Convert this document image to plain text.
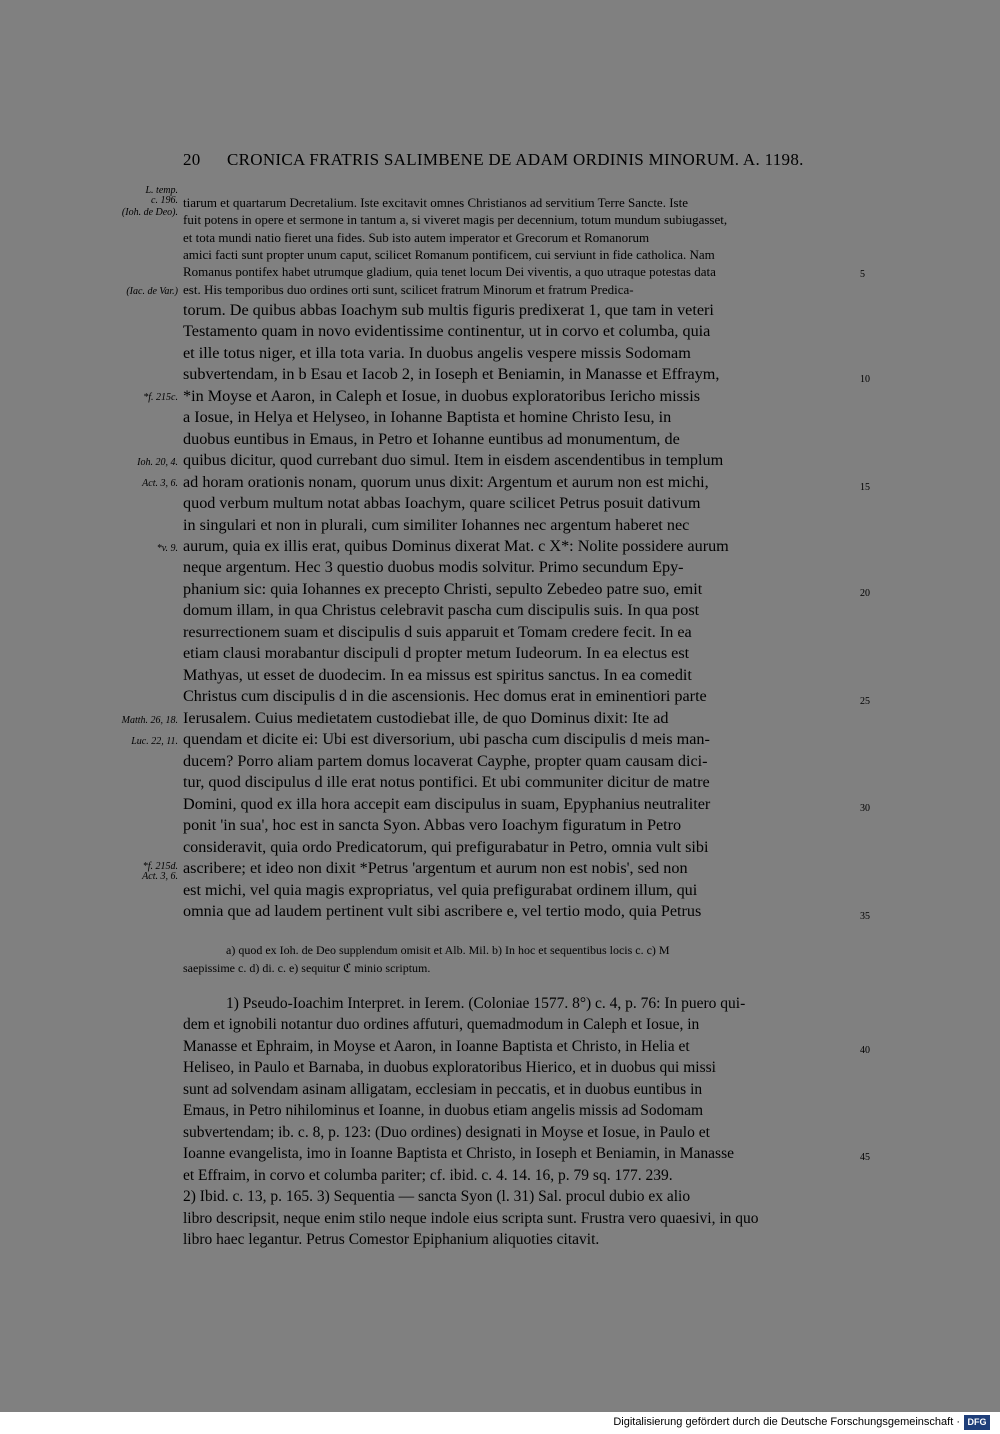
20 CRONICA FRATRIS SALIMBENE DE ADAM ORDINIS MINORUM. A. 1198.
L. temp.
c. 196.
(Ioh. de Deo).
(Iac. de Var.)
*f. 215c.
Ioh. 20, 4.
Act. 3, 6.
*v. 9.
Matth. 26, 18.
Luc. 22, 11.
*f. 215d.
Act. 3, 6.
5
10
15
20
25
30
35
40
45
tiarum et quartarum Decretalium. Iste excitavit omnes Christianos ad servitium Terre Sancte. Iste
fuit potens in opere et sermone in tantum a, si viveret magis per decennium, totum mundum subiugasset,
et tota mundi natio fieret una fides. Sub isto autem imperator et Grecorum et Romanorum
amici facti sunt propter unum caput, scilicet Romanum pontificem, cui serviunt in fide catholica. Nam
Romanus pontifex habet utrumque gladium, quia tenet locum Dei viventis, a quo utraque potestas data
est. His temporibus duo ordines orti sunt, scilicet fratrum Minorum et fratrum Predica-
torum. De quibus abbas Ioachym sub multis figuris predixerat 1, que tam in veteri
Testamento quam in novo evidentissime continentur, ut in corvo et columba, quia
et ille totus niger, et illa tota varia. In duobus angelis vespere missis Sodomam
subvertendam, in b Esau et Iacob 2, in Ioseph et Beniamin, in Manasse et Effraym,
*in Moyse et Aaron, in Caleph et Iosue, in duobus exploratoribus Iericho missis
a Iosue, in Helya et Helyseo, in Iohanne Baptista et homine Christo Iesu, in
duobus euntibus in Emaus, in Petro et Iohanne euntibus ad monumentum, de
quibus dicitur, quod currebant duo simul. Item in eisdem ascendentibus in templum
ad horam orationis nonam, quorum unus dixit: Argentum et aurum non est michi,
quod verbum multum notat abbas Ioachym, quare scilicet Petrus posuit dativum
in singulari et non in plurali, cum similiter Iohannes nec argentum haberet nec
aurum, quia ex illis erat, quibus Dominus dixerat Mat. c X*: Nolite possidere aurum
neque argentum. Hec 3 questio duobus modis solvitur. Primo secundum Epy-
phanium sic: quia Iohannes ex precepto Christi, sepulto Zebedeo patre suo, emit
domum illam, in qua Christus celebravit pascha cum discipulis suis. In qua post
resurrectionem suam et discipulis d suis apparuit et Tomam credere fecit. In ea
etiam clausi morabantur discipuli d propter metum Iudeorum. In ea electus est
Mathyas, ut esset de duodecim. In ea missus est spiritus sanctus. In ea comedit
Christus cum discipulis d in die ascensionis. Hec domus erat in eminentiori parte
Ierusalem. Cuius medietatem custodiebat ille, de quo Dominus dixit: Ite ad
quendam et dicite ei: Ubi est diversorium, ubi pascha cum discipulis d meis man-
ducem? Porro aliam partem domus locaverat Cayphe, propter quam causam dici-
tur, quod discipulus d ille erat notus pontifici. Et ubi communiter dicitur de matre
Domini, quod ex illa hora accepit eam discipulus in suam, Epyphanius neutraliter
ponit 'in sua', hoc est in sancta Syon. Abbas vero Ioachym figuratum in Petro
consideravit, quia ordo Predicatorum, qui prefigurabatur in Petro, omnia vult sibi
ascribere; et ideo non dixit *Petrus 'argentum et aurum non est nobis', sed non
est michi, vel quia magis expropriatus, vel quia prefigurabat ordinem illum, qui
omnia que ad laudem pertinent vult sibi ascribere e, vel tertio modo, quia Petrus
a) quod ex Ioh. de Deo supplendum omisit et Alb. Mil. b) In hoc et sequentibus locis c. c) M
saepissime c. d) di. c. e) sequitur ℭ minio scriptum.
1) Pseudo-Ioachim Interpret. in Ierem. (Coloniae 1577. 8°) c. 4, p. 76: In puero qui-
dem et ignobili notantur duo ordines affuturi, quemadmodum in Caleph et Iosue, in
Manasse et Ephraim, in Moyse et Aaron, in Ioanne Baptista et Christo, in Helia et
Heliseo, in Paulo et Barnaba, in duobus exploratoribus Hierico, et in duobus qui missi
sunt ad solvendam asinam alligatam, ecclesiam in peccatis, et in duobus euntibus in
Emaus, in Petro nihilominus et Ioanne, in duobus etiam angelis missis ad Sodomam
subvertendam; ib. c. 8, p. 123: (Duo ordines) designati in Moyse et Iosue, in Paulo et
Ioanne evangelista, imo in Ioanne Baptista et Christo, in Ioseph et Beniamin, in Manasse
et Effraim, in corvo et columba pariter; cf. ibid. c. 4. 14. 16, p. 79 sq. 177. 239.
2) Ibid. c. 13, p. 165. 3) Sequentia — sancta Syon (l. 31) Sal. procul dubio ex alio
libro descripsit, neque enim stilo neque indole eius scripta sunt. Frustra vero quaesivi, in quo
libro haec legantur. Petrus Comestor Epiphanium aliquoties citavit.
Digitalisierung gefördert durch die Deutsche Forschungsgemeinschaft · DFG
